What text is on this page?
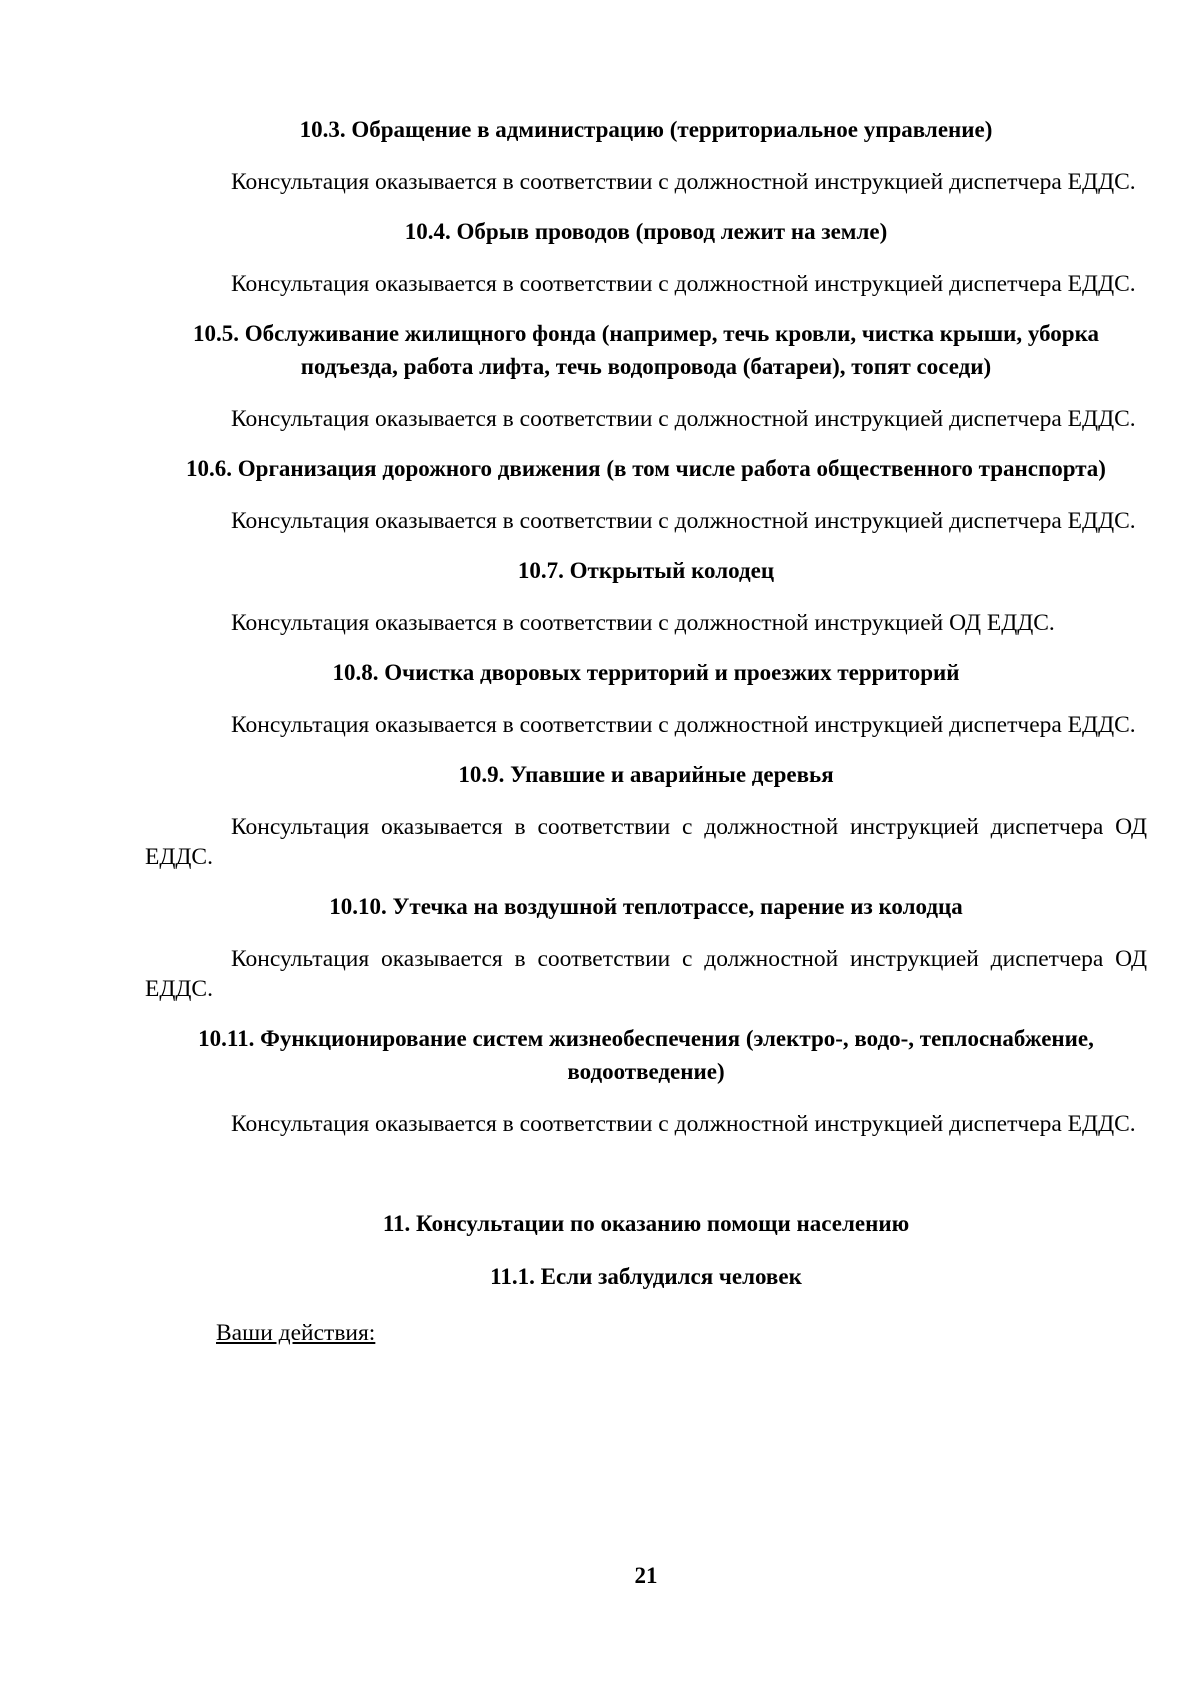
10.3. Обращение в администрацию (территориальное управление)

Консультация оказывается в соответствии с должностной инструкцией диспетчера ЕДДС.

10.4. Обрыв проводов (провод лежит на земле)

Консультация оказывается в соответствии с должностной инструкцией диспетчера ЕДДС.

10.5. Обслуживание жилищного фонда (например, течь кровли, чистка крыши, уборка
подъезда, работа лифта, течь водопровода (батареи), топят соседи)

Консультация оказывается в соответствии с должностной инструкцией диспетчера ЕДДС.

10.6. Организация дорожного движения (в том числе работа общественного транспорта)

Консультация оказывается в соответствии с должностной инструкцией диспетчера ЕДДС.

10.7. Открытый колодец

Консультация оказывается в соответствии с должностной инструкцией ОД ЕДДС.

10.8. Очистка дворовых территорий и проезжих территорий

Консультация оказывается в соответствии с должностной инструкцией диспетчера ЕДДС.

10.9. Упавшие и аварийные деревья

Консультация оказывается в соответствии с должностной инструкцией диспетчера ОД ЕДДС.

10.10. Утечка на воздушной теплотрассе, парение из колодца

Консультация оказывается в соответствии с должностной инструкцией диспетчера ОД ЕДДС.

10.11. Функционирование систем жизнеобеспечения (электро-, водо-, теплоснабжение,
водоотведение)

Консультация оказывается в соответствии с должностной инструкцией диспетчера ЕДДС.

11. Консультации по оказанию помощи населению
11.1. Если заблудился человек
Ваши действия:
21
